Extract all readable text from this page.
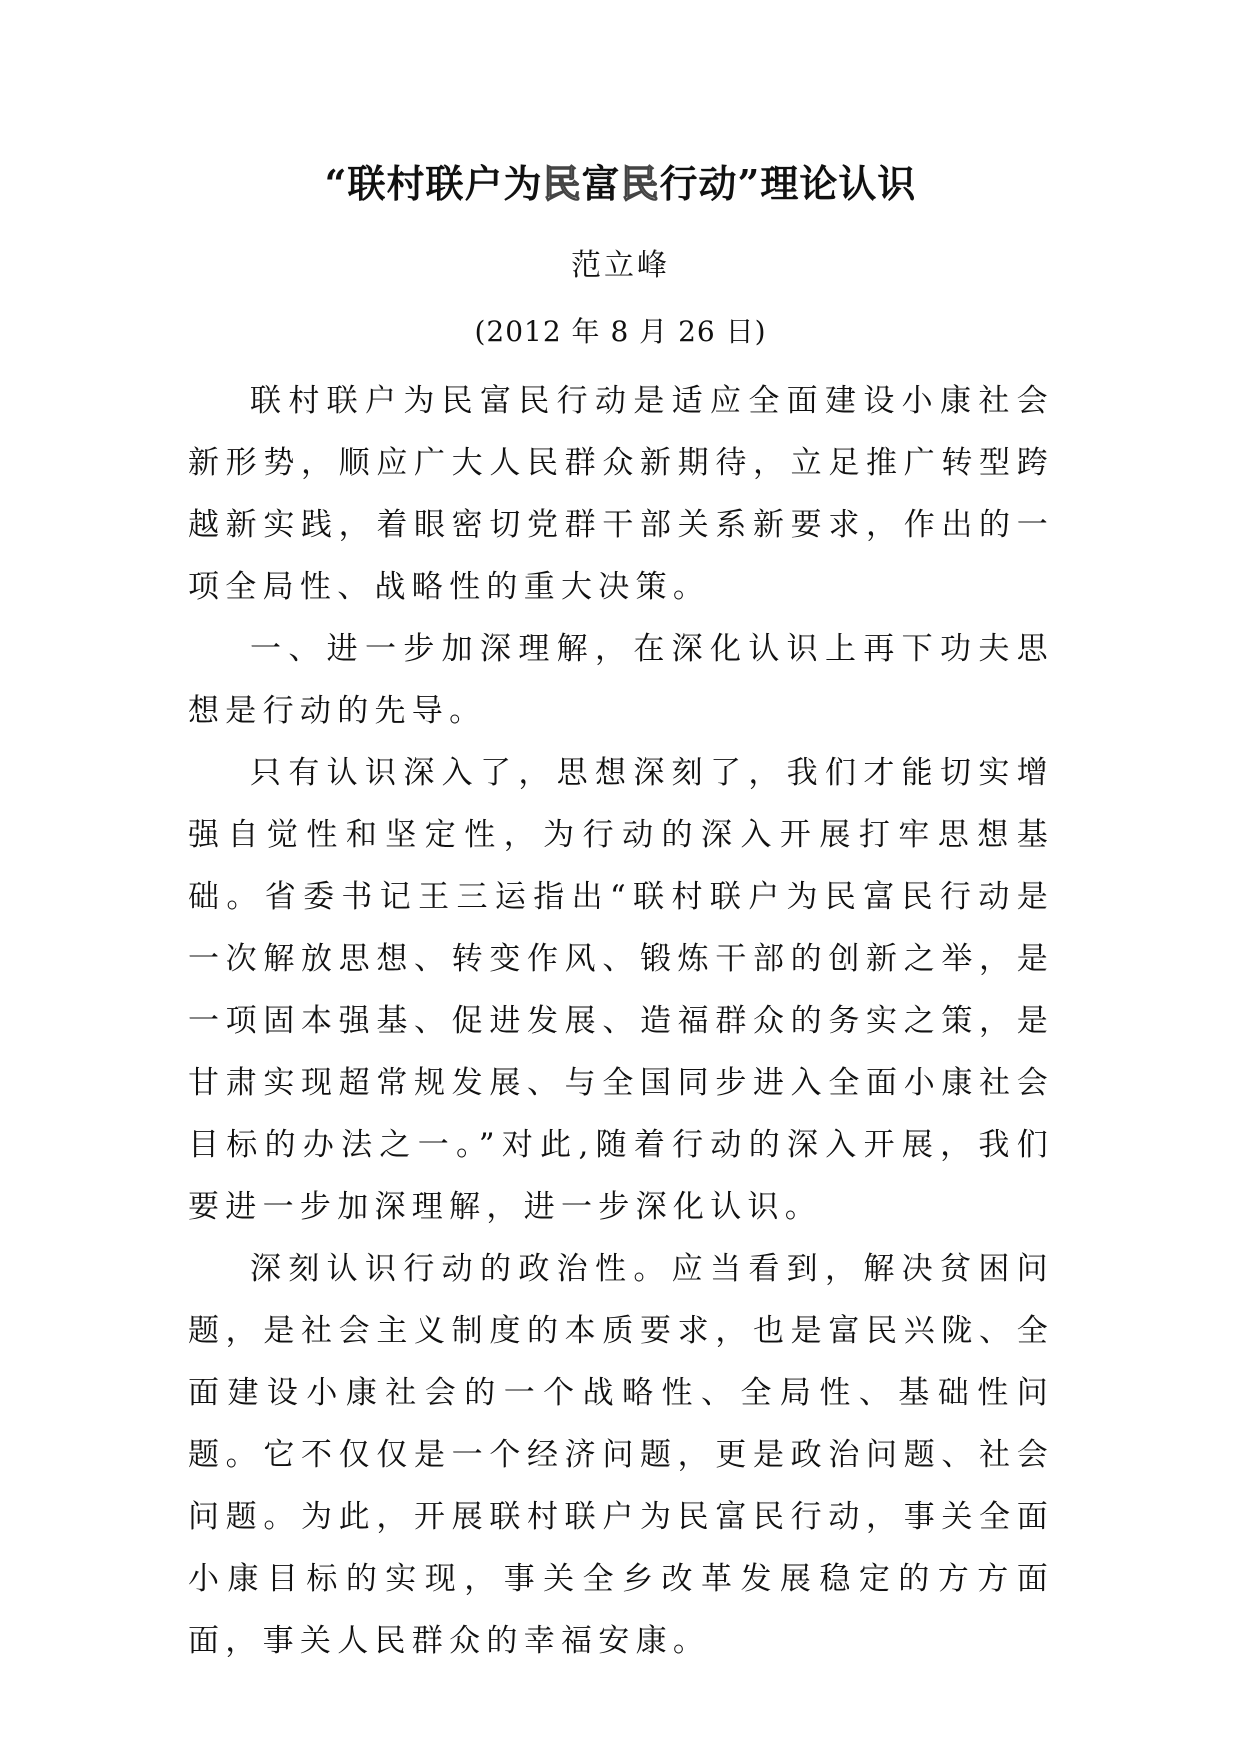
“联村联户为民富民行动”理论认识
范立峰
(2012 年 8 月 26 日)

联村联户为民富民行动是适应全面建设小康社会新形势，顺应广大人民群众新期待，立足推广转型跨越新实践，着眼密切党群干部关系新要求，作出的一项全局性、战略性的重大决策。

一、进一步加深理解，在深化认识上再下功夫思想是行动的先导。

只有认识深入了，思想深刻了，我们才能切实增强自觉性和坚定性，为行动的深入开展打牢思想基础。省委书记王三运指出“联村联户为民富民行动是一次解放思想、转变作风、锻炼干部的创新之举，是一项固本强基、促进发展、造福群众的务实之策，是甘肃实现超常规发展、与全国同步进入全面小康社会目标的办法之一。”对此,随着行动的深入开展，我们要进一步加深理解，进一步深化认识。

深刻认识行动的政治性。应当看到，解决贫困问题，是社会主义制度的本质要求，也是富民兴陇、全面建设小康社会的一个战略性、全局性、基础性问题。它不仅仅是一个经济问题，更是政治问题、社会问题。为此，开展联村联户为民富民行动，事关全面小康目标的实现，事关全乡改革发展稳定的方方面面，事关人民群众的幸福安康。
